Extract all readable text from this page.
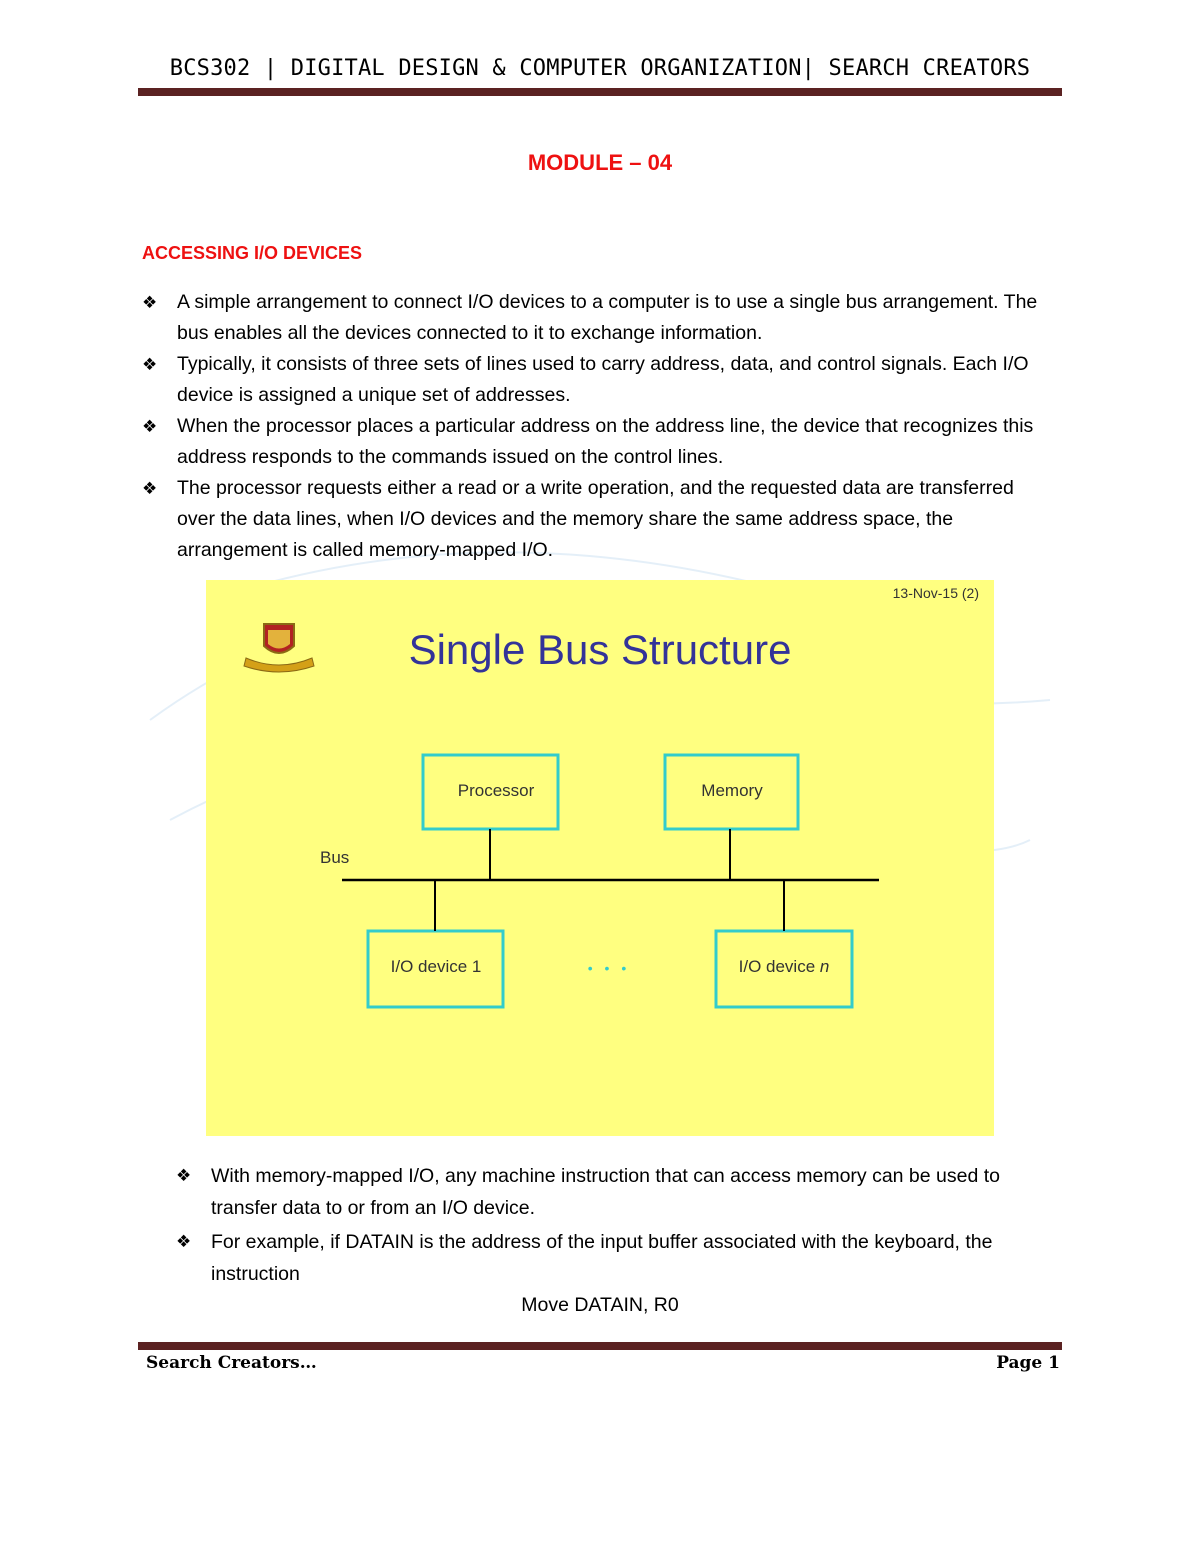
BCS302 | DIGITAL DESIGN & COMPUTER ORGANIZATION| SEARCH CREATORS
MODULE – 04
ACCESSING I/O DEVICES
❖ A simple arrangement to connect I/O devices to a computer is to use a single bus arrangement. The bus enables all the devices connected to it to exchange information.
❖ Typically, it consists of three sets of lines used to carry address, data, and control signals. Each I/O device is assigned a unique set of addresses.
❖ When the processor places a particular address on the address line, the device that recognizes this address responds to the commands issued on the control lines.
❖ The processor requests either a read or a write operation, and the requested data are transferred over the data lines, when I/O devices and the memory share the same address space, the arrangement is called memory-mapped I/O.
13-Nov-15 (2)
Single Bus Structure
Processor	Memory
I/O device 1	I/O device n
Bus
• • •
❖ With memory-mapped I/O, any machine instruction that can access memory can be used to transfer data to or from an I/O device.
❖ For example, if DATAIN is the address of the input buffer associated with the keyboard, the instruction
Move DATAIN, R0
Search Creators…	Page 1
